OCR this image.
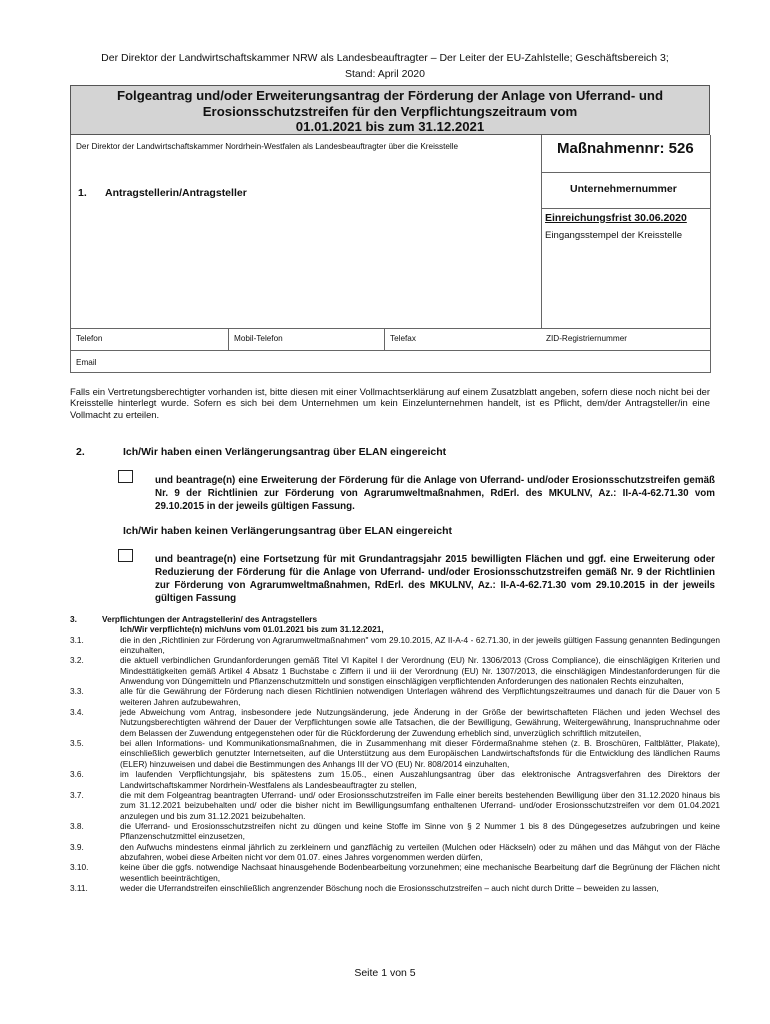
Der Direktor der Landwirtschaftskammer NRW als Landesbeauftragter – Der Leiter der EU-Zahlstelle; Geschäftsbereich 3;
Stand: April 2020
Folgeantrag und/oder Erweiterungsantrag der Förderung der Anlage von Uferrand- und
Erosionsschutzstreifen für den Verpflichtungszeitraum vom
01.01.2021 bis zum 31.12.2021
Der Direktor der Landwirtschaftskammer Nordrhein-Westfalen als Landesbeauftragter über die Kreisstelle	Maßnahmennr: 526
1. Antragstellerin/Antragsteller	Unternehmernummer
Einreichungsfrist 30.06.2020
Eingangsstempel der Kreisstelle
Telefon	Mobil-Telefon	Telefax	ZID-Registriernummer
Email
Falls ein Vertretungsberechtigter vorhanden ist, bitte diesen mit einer Vollmachtserklärung auf einem Zusatzblatt angeben, sofern diese noch nicht bei der Kreisstelle hinterlegt wurde. Sofern es sich bei dem Unternehmen um kein Einzelunternehmen handelt, ist es Pflicht, dem/der Antragsteller/in eine Vollmacht zu erteilen.
2.	Ich/Wir haben einen Verlängerungsantrag über ELAN eingereicht
und beantrage(n) eine Erweiterung der Förderung für die Anlage von Uferrand- und/oder Erosionsschutzstreifen gemäß Nr. 9 der Richtlinien zur Förderung von Agrarumweltmaßnahmen, RdErl. des MKULNV, Az.: II-A-4-62.71.30 vom 29.10.2015 in der jeweils gültigen Fassung.
Ich/Wir haben keinen Verlängerungsantrag über ELAN eingereicht
und beantrage(n) eine Fortsetzung für mit Grundantragsjahr 2015 bewilligten Flächen und ggf. eine Erweiterung oder Reduzierung der Förderung für die Anlage von Uferrand- und/oder Erosionsschutzstreifen gemäß Nr. 9 der Richtlinien zur Förderung von Agrarumweltmaßnahmen, RdErl. des MKULNV, Az.: II-A-4-62.71.30 vom 29.10.2015 in der jeweils gültigen Fassung
3.	Verpflichtungen der Antragstellerin/ des Antragstellers
Ich/Wir verpflichte(n) mich/uns vom 01.01.2021 bis zum 31.12.2021,
3.1.	die in den „Richtlinien zur Förderung von Agrarumweltmaßnahmen" vom 29.10.2015, AZ II-A-4 - 62.71.30, in der jeweils gültigen Fassung genannten Bedingungen einzuhalten,
3.2.	die aktuell verbindlichen Grundanforderungen gemäß Titel VI Kapitel I der Verordnung (EU) Nr. 1306/2013 (Cross Compliance), die einschlägigen Kriterien und Mindesttätigkeiten gemäß Artikel 4 Absatz 1 Buchstabe c Ziffern ii und iii der Verordnung (EU) Nr. 1307/2013, die einschlägigen Mindestanforderungen für die Anwendung von Düngemitteln und Pflanzenschutzmitteln und sonstigen einschlägigen verpflichtenden Anforderungen des nationalen Rechts einzuhalten,
3.3.	alle für die Gewährung der Förderung nach diesen Richtlinien notwendigen Unterlagen während des Verpflichtungszeitraumes und danach für die Dauer von 5 weiteren Jahren aufzubewahren,
3.4.	jede Abweichung vom Antrag, insbesondere jede Nutzungsänderung, jede Änderung in der Größe der bewirtschafteten Flächen und jeden Wechsel des Nutzungsberechtigten während der Dauer der Verpflichtungen sowie alle Tatsachen, die der Bewilligung, Gewährung, Weitergewährung, Inanspruchnahme oder dem Belassen der Zuwendung entgegenstehen oder für die Rückforderung der Zuwendung erheblich sind, unverzüglich schriftlich mitzuteilen,
3.5.	bei allen Informations- und Kommunikationsmaßnahmen, die in Zusammenhang mit dieser Fördermaßnahme stehen (z. B. Broschüren, Faltblätter, Plakate), einschließlich gewerblich genutzter Internetseiten, auf die Unterstützung aus dem Europäischen Landwirtschaftsfonds für die Entwicklung des ländlichen Raums (ELER) hinzuweisen und dabei die Bestimmungen des Anhangs III der VO (EU) Nr. 808/2014 einzuhalten,
3.6.	im laufenden Verpflichtungsjahr, bis spätestens zum 15.05., einen Auszahlungsantrag über das elektronische Antragsverfahren des Direktors der Landwirtschaftskammer Nordrhein-Westfalens als Landesbeauftragter zu stellen,
3.7.	die mit dem Folgeantrag beantragten Uferrand- und/ oder Erosionsschutzstreifen im Falle einer bereits bestehenden Bewilligung über den 31.12.2020 hinaus bis zum 31.12.2021 beizubehalten und/ oder die bisher nicht im Bewilligungsumfang enthaltenen Uferrand- und/oder Erosionsschutzstreifen vor dem 01.04.2021 anzulegen und bis zum 31.12.2021 beizubehalten.
3.8.	die Uferrand- und Erosionsschutzstreifen nicht zu düngen und keine Stoffe im Sinne von § 2 Nummer 1 bis 8 des Düngegesetzes aufzubringen und keine Pflanzenschutzmittel einzusetzen,
3.9.	den Aufwuchs mindestens einmal jährlich zu zerkleinern und ganzflächig zu verteilen (Mulchen oder Häckseln) oder zu mähen und das Mähgut von der Fläche abzufahren, wobei diese Arbeiten nicht vor dem 01.07. eines Jahres vorgenommen werden dürfen,
3.10.	keine über die ggfs. notwendige Nachsaat hinausgehende Bodenbearbeitung vorzunehmen; eine mechanische Bearbeitung darf die Begrünung der Flächen nicht wesentlich beeinträchtigen,
3.11.	weder die Uferrandstreifen einschließlich angrenzender Böschung noch die Erosionsschutzstreifen – auch nicht durch Dritte – beweiden zu lassen,
Seite 1 von 5
